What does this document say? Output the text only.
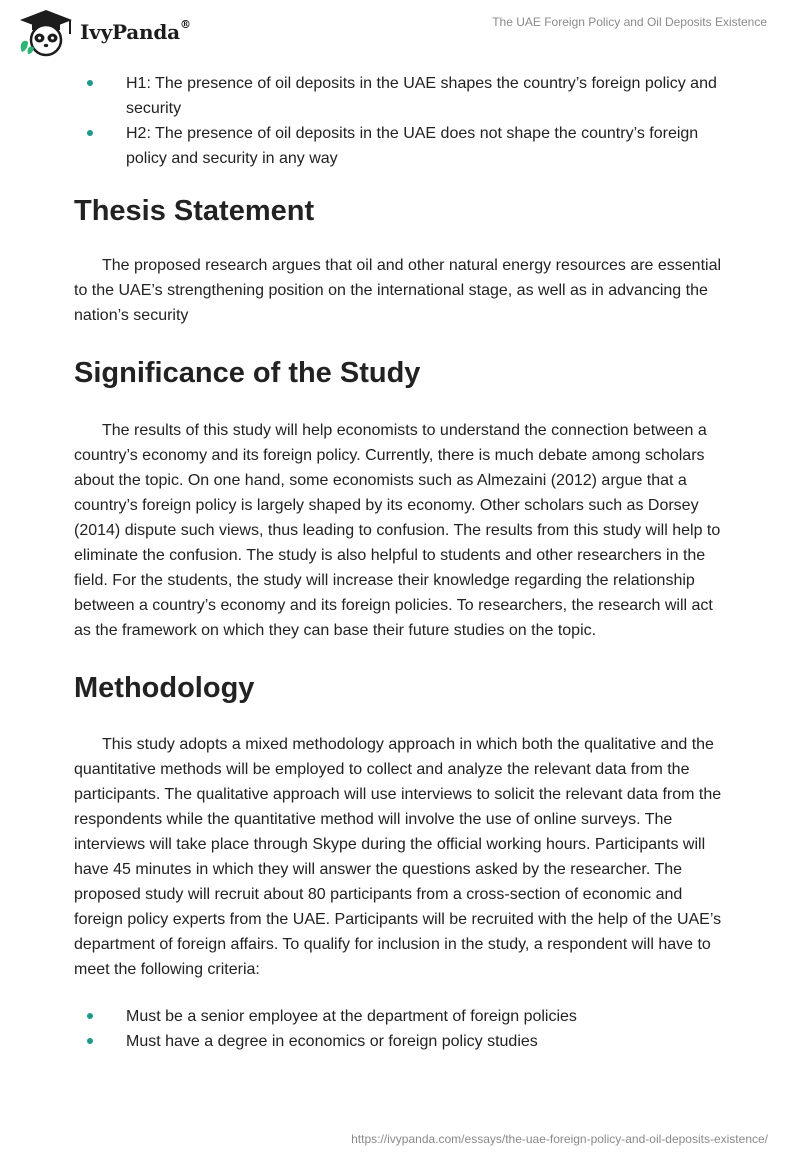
IvyPanda®	The UAE Foreign Policy and Oil Deposits Existence
H1: The presence of oil deposits in the UAE shapes the country’s foreign policy and security
H2: The presence of oil deposits in the UAE does not shape the country’s foreign policy and security in any way
Thesis Statement

The proposed research argues that oil and other natural energy resources are essential to the UAE’s strengthening position on the international stage, as well as in advancing the nation’s security

Significance of the Study

The results of this study will help economists to understand the connection between a country’s economy and its foreign policy. Currently, there is much debate among scholars about the topic. On one hand, some economists such as Almezaini (2012) argue that a country’s foreign policy is largely shaped by its economy. Other scholars such as Dorsey (2014) dispute such views, thus leading to confusion. The results from this study will help to eliminate the confusion. The study is also helpful to students and other researchers in the field. For the students, the study will increase their knowledge regarding the relationship between a country’s economy and its foreign policies. To researchers, the research will act as the framework on which they can base their future studies on the topic.

Methodology

This study adopts a mixed methodology approach in which both the qualitative and the quantitative methods will be employed to collect and analyze the relevant data from the participants. The qualitative approach will use interviews to solicit the relevant data from the respondents while the quantitative method will involve the use of online surveys. The interviews will take place through Skype during the official working hours. Participants will have 45 minutes in which they will answer the questions asked by the researcher. The proposed study will recruit about 80 participants from a cross-section of economic and foreign policy experts from the UAE. Participants will be recruited with the help of the UAE’s department of foreign affairs. To qualify for inclusion in the study, a respondent will have to meet the following criteria:

Must be a senior employee at the department of foreign policies
Must have a degree in economics or foreign policy studies
https://ivypanda.com/essays/the-uae-foreign-policy-and-oil-deposits-existence/
